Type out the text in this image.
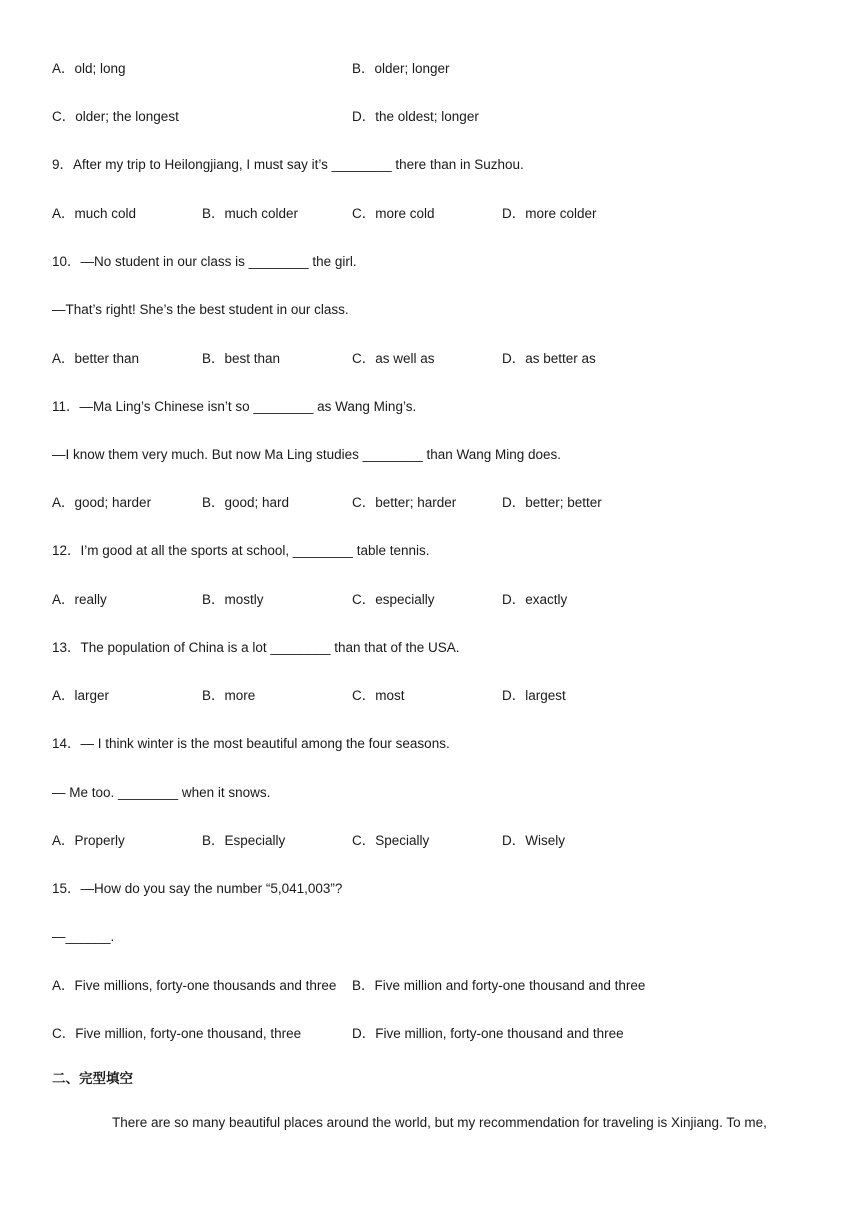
A．old; long	B．older; longer
C．older; the longest	D．the oldest; longer
9．After my trip to Heilongjiang, I must say it’s ________ there than in Suzhou.
A．much cold	B．much colder	C．more cold	D．more colder
10．—No student in our class is ________ the girl.
—That’s right! She’s the best student in our class.
A．better than	B．best than	C．as well as	D．as better as
11．—Ma Ling’s Chinese isn’t so ________ as Wang Ming’s.
—I know them very much. But now Ma Ling studies ________ than Wang Ming does.
A．good; harder	B．good; hard	C．better; harder	D．better; better
12．I’m good at all the sports at school, ________ table tennis.
A．really	B．mostly	C．especially	D．exactly
13．The population of China is a lot ________ than that of the USA.
A．larger	B．more	C．most	D．largest
14．— I think winter is the most beautiful among the four seasons.
— Me too. ________ when it snows.
A．Properly	B．Especially	C．Specially	D．Wisely
15．—How do you say the number “5,041,003”?
—______.
A．Five millions, forty-one thousands and three B．Five million and forty-one thousand and three
C．Five million, forty-one thousand, three	D．Five million, forty-one thousand and three
二、完型填空
There are so many beautiful places around the world, but my recommendation for traveling is Xinjiang. To me,
